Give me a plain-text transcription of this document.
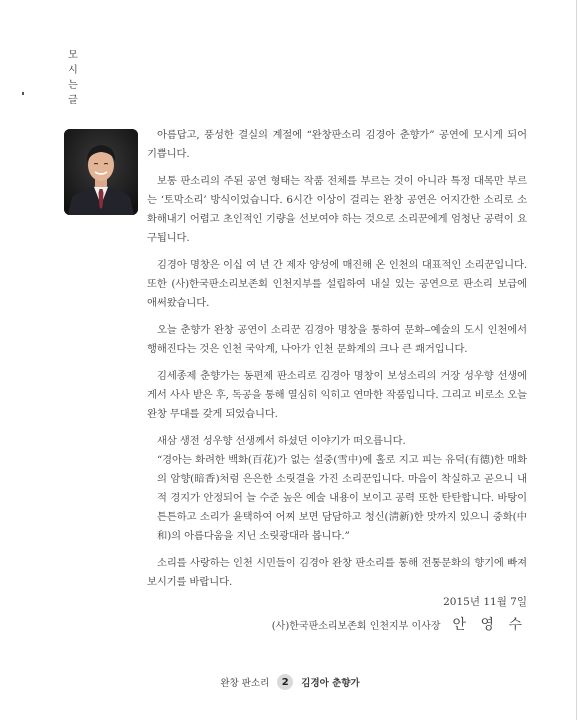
모
시
는
글

아름답고, 풍성한 결실의 계절에 “완창판소리 김경아 춘향가” 공연에 모시게 되어 기쁩니다.

보통 판소리의 주된 공연 형태는 작품 전체를 부르는 것이 아니라 특정 대목만 부르는 ‘토막소리’ 방식이었습니다. 6시간 이상이 걸리는 완창 공연은 어지간한 소리로 소화해내기 어렵고 초인적인 기량을 선보여야 하는 것으로 소리꾼에게 엄청난 공력이 요구됩니다.

김경아 명창은 이십 여 년 간 제자 양성에 매진해 온 인천의 대표적인 소리꾼입니다. 또한 (사)한국판소리보존회 인천지부를 설립하여 내실 있는 공연으로 판소리 보급에 애써왔습니다.

오늘 춘향가 완창 공연이 소리꾼 김경아 명창을 통하여 문화‒예술의 도시 인천에서 행해진다는 것은 인천 국악계, 나아가 인천 문화계의 크나 큰 쾌거입니다.

김세종제 춘향가는 동편제 판소리로 김경아 명창이 보성소리의 거장 성우향 선생에게서 사사 받은 후, 독공을 통해 열심히 익히고 연마한 작품입니다. 그리고 비로소 오늘 완창 무대를 갖게 되었습니다.

새삼 생전 성우향 선생께서 하셨던 이야기가 떠오릅니다.

“경아는 화려한 백화(百花)가 없는 설중(雪中)에 홀로 지고 피는 유덕(有德)한 매화의 암향(暗香)처럼 은은한 소릿결을 가진 소리꾼입니다. 마음이 착실하고 곧으니 내적 경지가 안정되어 늘 수준 높은 예술 내용이 보이고 공력 또한 탄탄합니다. 바탕이 튼튼하고 소리가 윤택하여 어찌 보면 담담하고 청신(淸新)한 맛까지 있으니 중화(中和)의 아름다움을 지닌 소릿광대라 봅니다.”

소리를 사랑하는 인천 시민들이 김경아 완창 판소리를 통해 전통문화의 향기에 빠져 보시기를 바랍니다.

2015년 11월 7일
(사)한국판소리보존회 인천지부 이사장 안 영 수
완창 판소리	2	김경아 춘향가
